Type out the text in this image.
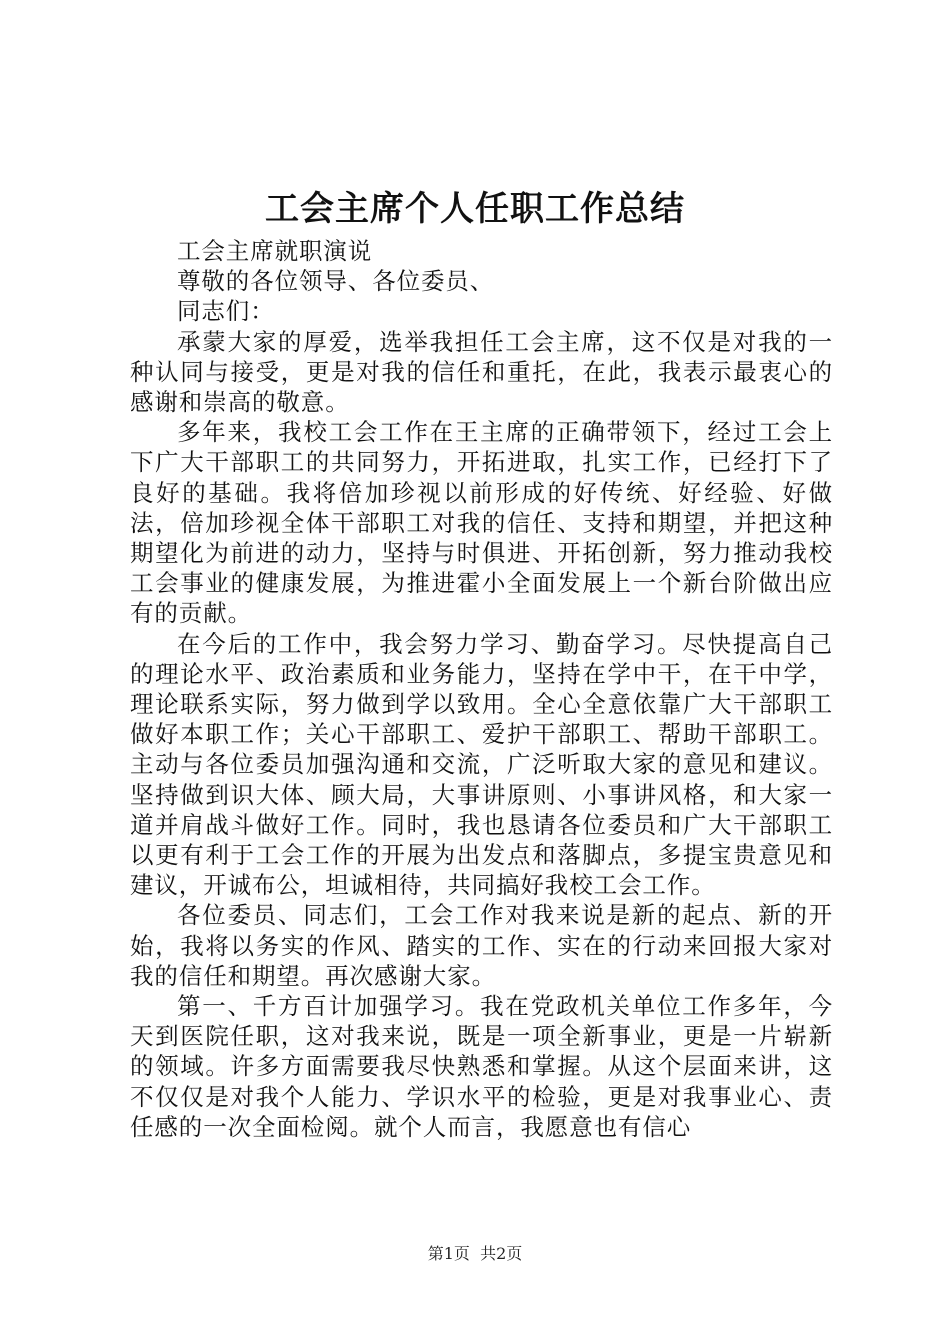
工会主席个人任职工作总结

工会主席就职演说

尊敬的各位领导、各位委员、

同志们：

承蒙大家的厚爱，选举我担任工会主席，这不仅是对我的一种认同与接受，更是对我的信任和重托，在此，我表示最衷心的感谢和崇高的敬意。

多年来，我校工会工作在王主席的正确带领下，经过工会上下广大干部职工的共同努力，开拓进取，扎实工作，已经打下了良好的基础。我将倍加珍视以前形成的好传统、好经验、好做法，倍加珍视全体干部职工对我的信任、支持和期望，并把这种期望化为前进的动力，坚持与时俱进、开拓创新，努力推动我校工会事业的健康发展，为推进霍小全面发展上一个新台阶做出应有的贡献。

在今后的工作中，我会努力学习、勤奋学习。尽快提高自己的理论水平、政治素质和业务能力，坚持在学中干，在干中学，理论联系实际，努力做到学以致用。全心全意依靠广大干部职工做好本职工作；关心干部职工、爱护干部职工、帮助干部职工。主动与各位委员加强沟通和交流，广泛听取大家的意见和建议。坚持做到识大体、顾大局，大事讲原则、小事讲风格，和大家一道并肩战斗做好工作。同时，我也恳请各位委员和广大干部职工以更有利于工会工作的开展为出发点和落脚点，多提宝贵意见和建议，开诚布公，坦诚相待，共同搞好我校工会工作。

各位委员、同志们，工会工作对我来说是新的起点、新的开始，我将以务实的作风、踏实的工作、实在的行动来回报大家对我的信任和期望。再次感谢大家。

第一、千方百计加强学习。我在党政机关单位工作多年，今天到医院任职，这对我来说，既是一项全新事业，更是一片崭新的领域。许多方面需要我尽快熟悉和掌握。从这个层面来讲，这不仅仅是对我个人能力、学识水平的检验，更是对我事业心、责任感的一次全面检阅。就个人而言，我愿意也有信心

第1页 共2页
